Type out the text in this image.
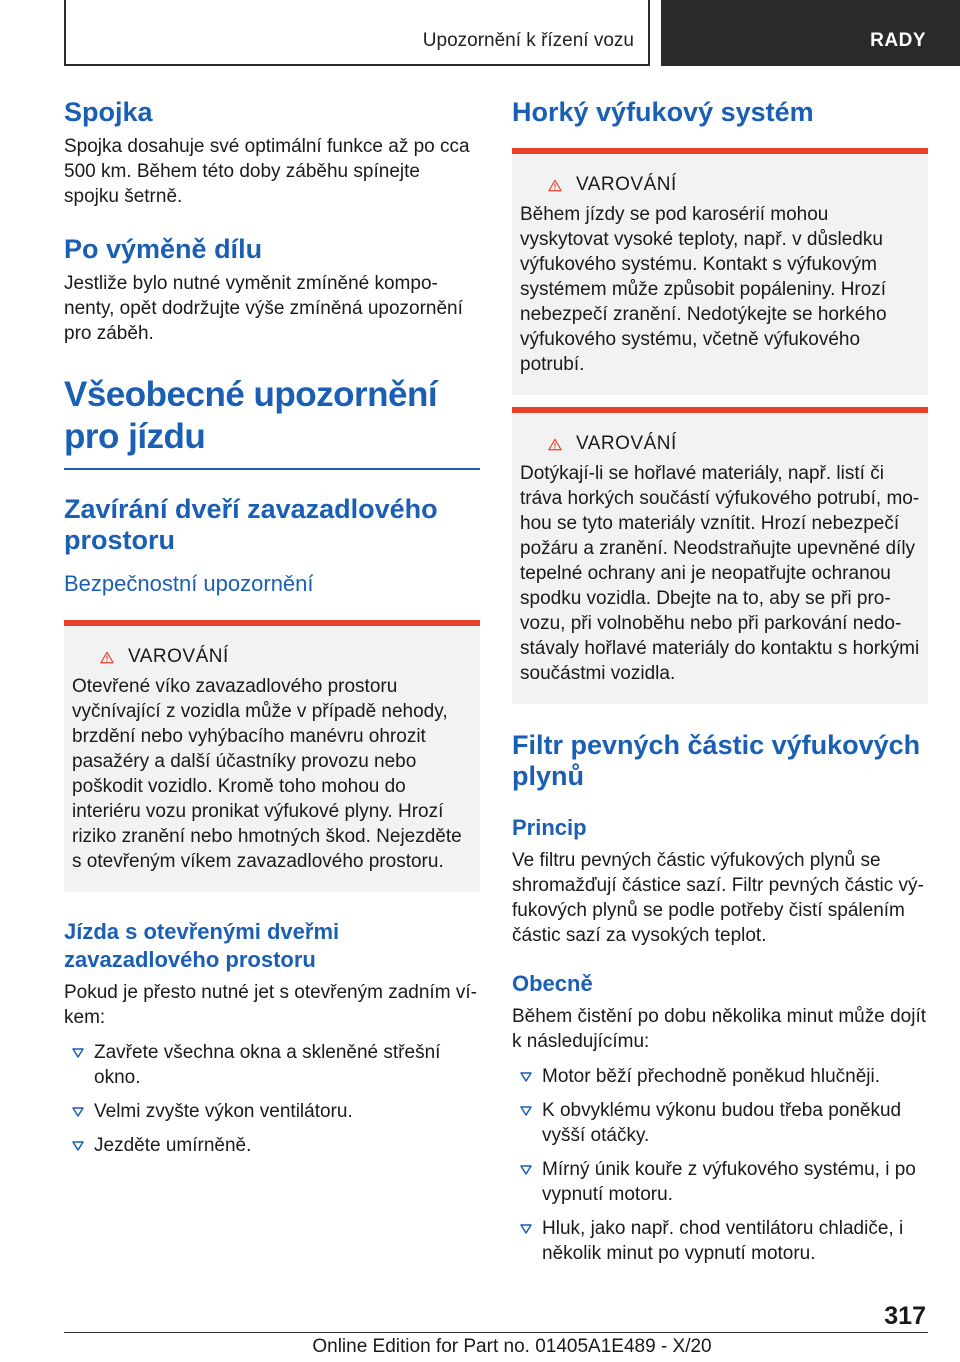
Upozornění k řízení vozu	RADY
Spojka

Spojka dosahuje své optimální funkce až po cca 500 km. Během této doby záběhu spínejte spojku šetrně.

Po výměně dílu

Jestliže bylo nutné vyměnit zmíněné komponenty, opět dodržujte výše zmíněná upozornění pro záběh.

Všeobecné upozornění pro jízdu
Zavírání dveří zavazadlového prostoru
Bezpečnostní upozornění
VAROVÁNÍ

Otevřené víko zavazadlového prostoru vyčnívající z vozidla může v případě nehody, brzdění nebo vyhýbacího manévru ohrozit pasažéry a další účastníky provozu nebo poškodit vozidlo. Kromě toho mohou do interiéru vozu pronikat výfukové plyny. Hrozí riziko zranění nebo hmotných škod. Nejezděte s otevřeným víkem zavazadlového prostoru.

Jízda s otevřenými dveřmi zavazadlového prostoru

Pokud je přesto nutné jet s otevřeným zadním víkem:

Zavřete všechna okna a skleněné střešní okno.
Velmi zvyšte výkon ventilátoru.
Jezděte umírněně.
Horký výfukový systém
VAROVÁNÍ

Během jízdy se pod karosérií mohou vyskytovat vysoké teploty, např. v důsledku výfukového systému. Kontakt s výfukovým systémem může způsobit popáleniny. Hrozí nebezpečí zranění. Nedotýkejte se horkého výfukového systému, včetně výfukového potrubí.

VAROVÁNÍ

Dotýkají-li se hořlavé materiály, např. listí či tráva horkých součástí výfukového potrubí, mohou se tyto materiály vznítit. Hrozí nebezpečí požáru a zranění. Neodstraňujte upevněné díly tepelné ochrany ani je neopatřujte ochranou spodku vozidla. Dbejte na to, aby se při provozu, při volnoběhu nebo při parkování nedostávaly hořlavé materiály do kontaktu s horkými součástmi vozidla.

Filtr pevných částic výfukových plynů
Princip

Ve filtru pevných částic výfukových plynů se shromažďují částice sazí. Filtr pevných částic výfukových plynů se podle potřeby čistí spálením částic sazí za vysokých teplot.

Obecně

Během čistění po dobu několika minut může dojít k následujícímu:

Motor běží přechodně poněkud hlučněji.
K obvyklému výkonu budou třeba poněkud vyšší otáčky.
Mírný únik kouře z výfukového systému, i po vypnutí motoru.
Hluk, jako např. chod ventilátoru chladiče, i několik minut po vypnutí motoru.
317
Online Edition for Part no. 01405A1E489 - X/20
